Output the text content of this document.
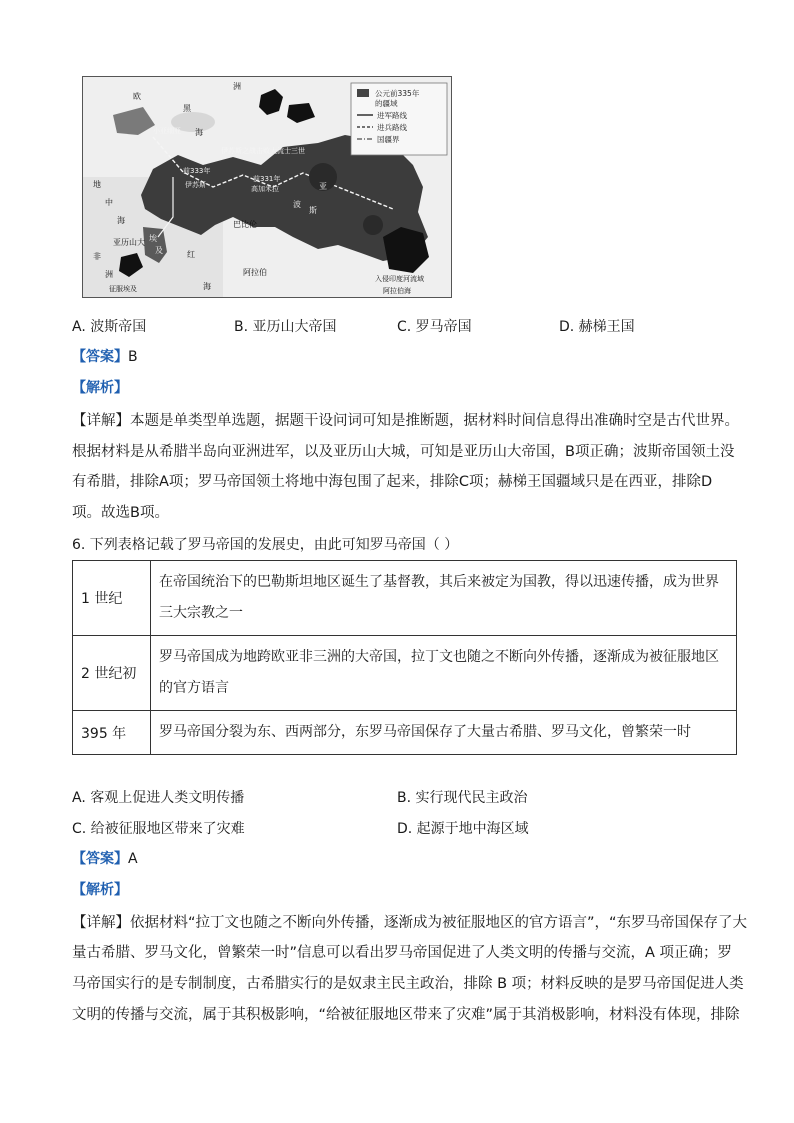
公元前335年
的疆域
进军路线
进兵路线
国疆界
欧
洲
黑
海
伊苏斯之战击败大流士三世
小亚细亚
前333年
伊苏斯
前331年
高加米拉
地
中
海
亚历山大
巴比伦
亚
波
斯
非
洲
埃
及	红
阿拉伯
入侵印度河流域
阿拉伯海
海
征服埃及
A. 波斯帝国	B. 亚历山大帝国	C. 罗马帝国	D. 赫梯王国
【答案】B
【解析】
【详解】本题是单类型单选题，据题干设问词可知是推断题，据材料时间信息得出准确时空是古代世界。
根据材料是从希腊半岛向亚洲进军，以及亚历山大城，可知是亚历山大帝国，B项正确；波斯帝国领土没
有希腊，排除A项；罗马帝国领土将地中海包围了起来，排除C项；赫梯王国疆域只是在西亚，排除D
项。故选B项。
6. 下列表格记载了罗马帝国的发展史，由此可知罗马帝国（ ）
1 世纪	在帝国统治下的巴勒斯坦地区诞生了基督教，其后来被定为国教，得以迅速传播，成为世界
三大宗教之一

2 世纪初	罗马帝国成为地跨欧亚非三洲的大帝国，拉丁文也随之不断向外传播，逐渐成为被征服地区
的官方语言

395 年	罗马帝国分裂为东、西两部分，东罗马帝国保存了大量古希腊、罗马文化，曾繁荣一时
A. 客观上促进人类文明传播	B. 实行现代民主政治
C. 给被征服地区带来了灾难	D. 起源于地中海区域
【答案】A
【解析】
【详解】依据材料“拉丁文也随之不断向外传播，逐渐成为被征服地区的官方语言”，“东罗马帝国保存了大
量古希腊、罗马文化，曾繁荣一时”信息可以看出罗马帝国促进了人类文明的传播与交流，A 项正确；罗
马帝国实行的是专制制度，古希腊实行的是奴隶主民主政治，排除 B 项；材料反映的是罗马帝国促进人类
文明的传播与交流，属于其积极影响，“给被征服地区带来了灾难”属于其消极影响，材料没有体现，排除
